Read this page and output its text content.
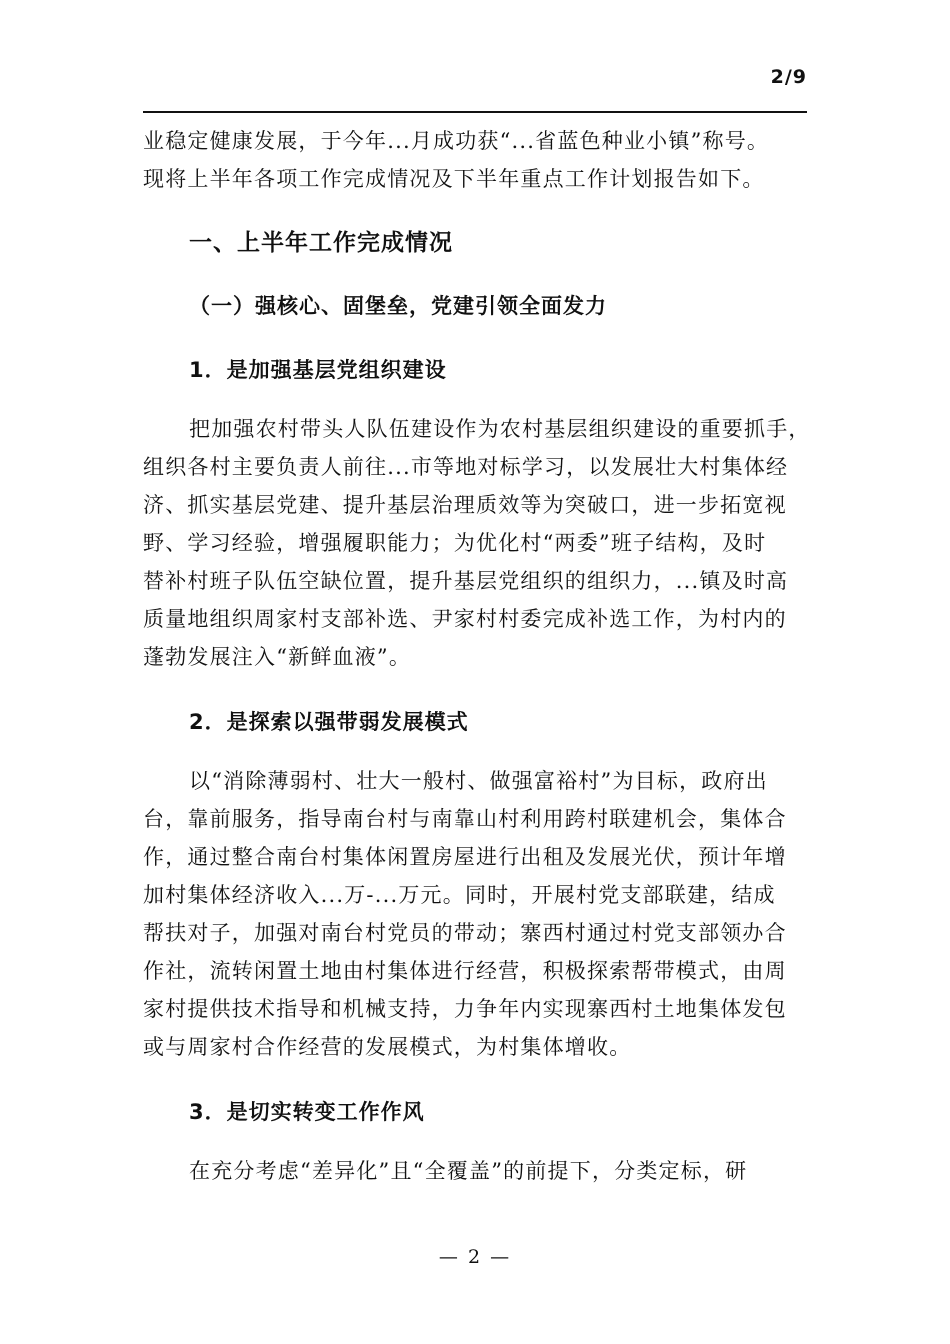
2/9
业稳定健康发展，于今年...月成功获“...省蓝色种业小镇”称号。
现将上半年各项工作完成情况及下半年重点工作计划报告如下。
一、上半年工作完成情况
（一）强核心、固堡垒，党建引领全面发力
1．是加强基层党组织建设
把加强农村带头人队伍建设作为农村基层组织建设的重要抓手，
组织各村主要负责人前往...市等地对标学习，以发展壮大村集体经
济、抓实基层党建、提升基层治理质效等为突破口，进一步拓宽视
野、学习经验，增强履职能力；为优化村“两委”班子结构，及时
替补村班子队伍空缺位置，提升基层党组织的组织力，...镇及时高
质量地组织周家村支部补选、尹家村村委完成补选工作，为村内的
蓬勃发展注入“新鲜血液”。
2．是探索以强带弱发展模式
以“消除薄弱村、壮大一般村、做强富裕村”为目标，政府出
台，靠前服务，指导南台村与南靠山村利用跨村联建机会，集体合
作，通过整合南台村集体闲置房屋进行出租及发展光伏，预计年增
加村集体经济收入...万-...万元。同时，开展村党支部联建，结成
帮扶对子，加强对南台村党员的带动；寨西村通过村党支部领办合
作社，流转闲置土地由村集体进行经营，积极探索帮带模式，由周
家村提供技术指导和机械支持，力争年内实现寨西村土地集体发包
或与周家村合作经营的发展模式，为村集体增收。
3．是切实转变工作作风
在充分考虑“差异化”且“全覆盖”的前提下，分类定标，研
— 2 —
